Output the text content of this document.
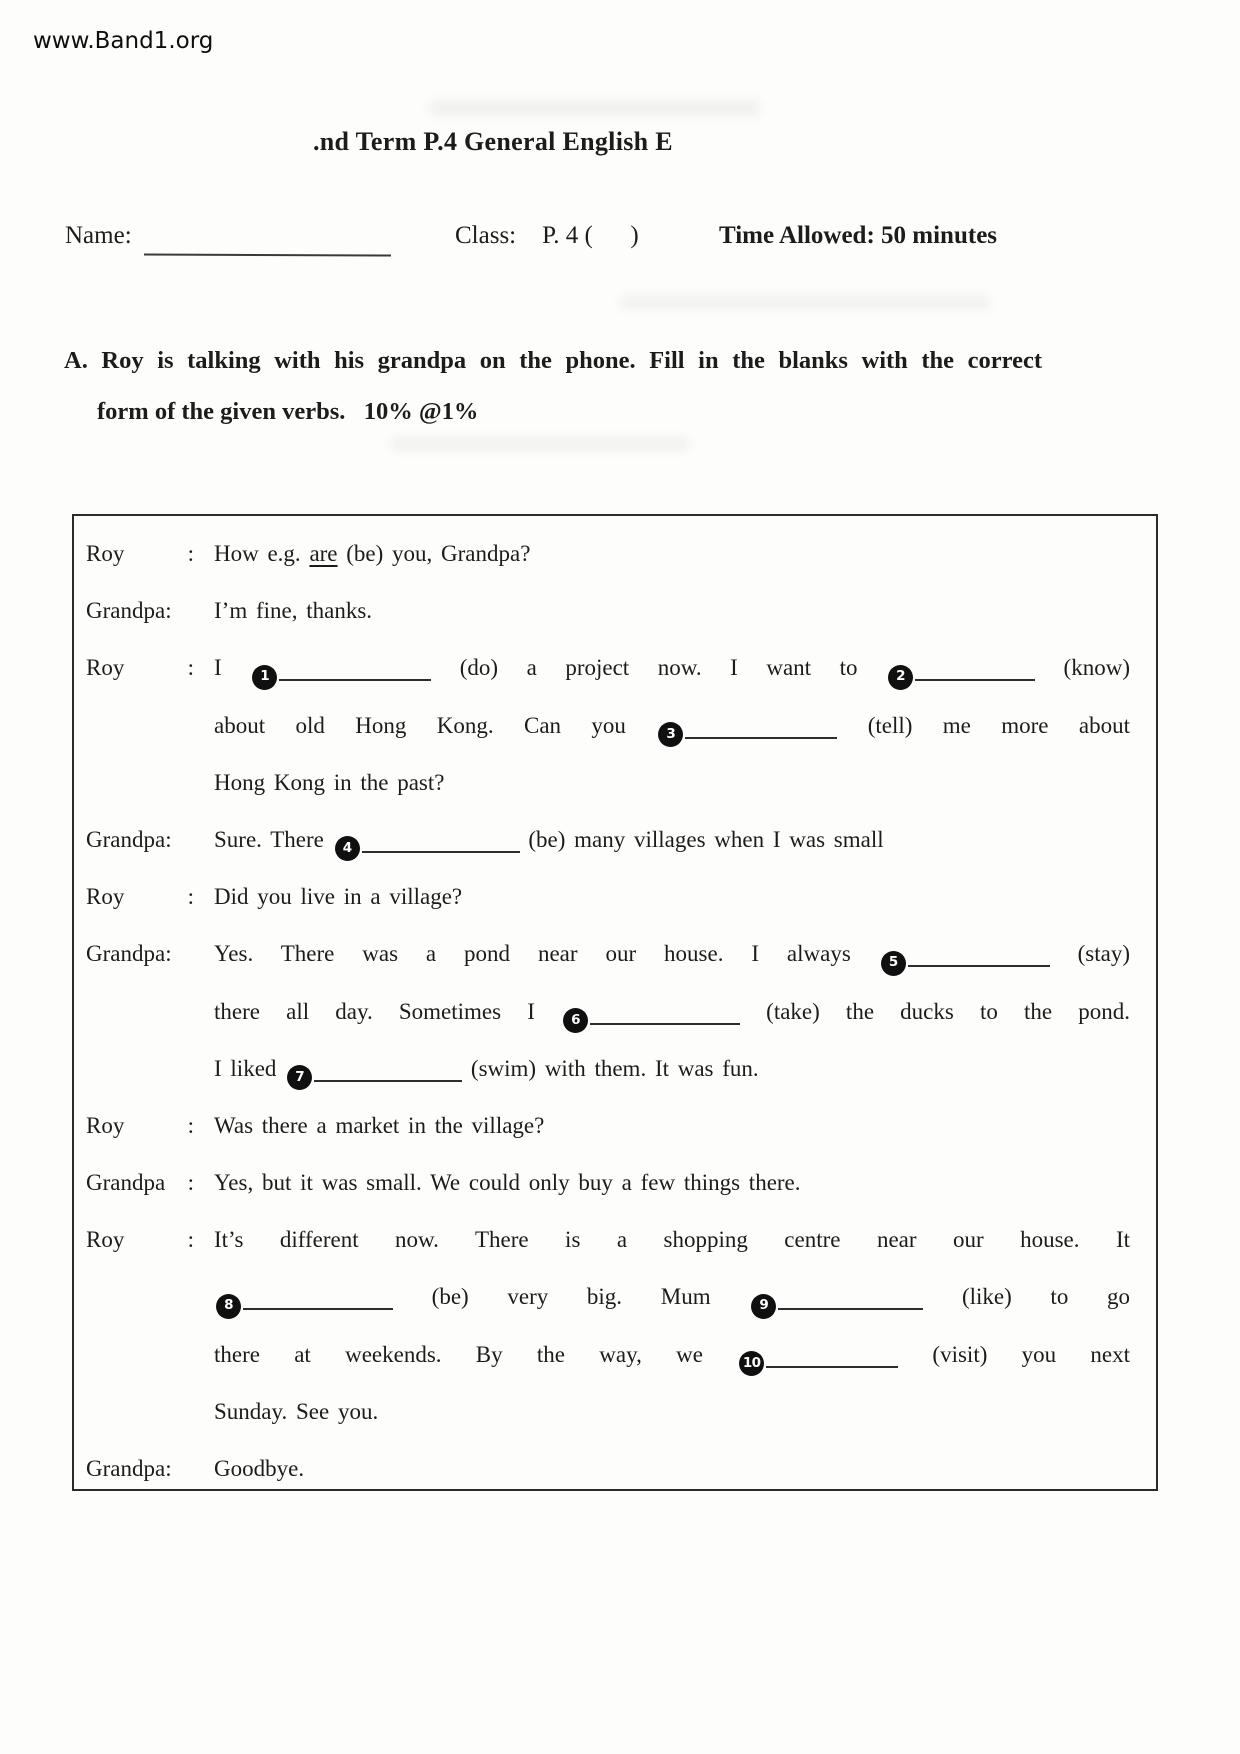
www.Band1.org
.nd Term P.4 General English E
Name:	Class: P. 4 (      )	Time Allowed: 50 minutes
A. Roy is talking with his grandpa on the phone. Fill in the blanks with the correct
form of the given verbs.   10% @1%
Roy	: How e.g. are (be) you, Grandpa?
Grandpa : I’m fine, thanks.
Roy	: I 1	(do) a project now. I want to 2	(know)
about old Hong Kong. Can you 3	(tell) me more about
Hong Kong in the past?
Grandpa : Sure. There 4	(be) many villages when I was small
Roy	: Did you live in a village?
Grandpa : Yes. There was a pond near our house. I always 5	(stay)
there all day. Sometimes I 6	(take) the ducks to the pond.
I liked 7	(swim) with them. It was fun.
Roy	: Was there a market in the village?
Grandpa : Yes, but it was small. We could only buy a few things there.
Roy	: It’s different now. There is a shopping centre near our house. It
8	(be) very big. Mum 9	(like) to go
there at weekends. By the way, we 10	(visit) you next
Sunday. See you.
Grandpa : Goodbye.
